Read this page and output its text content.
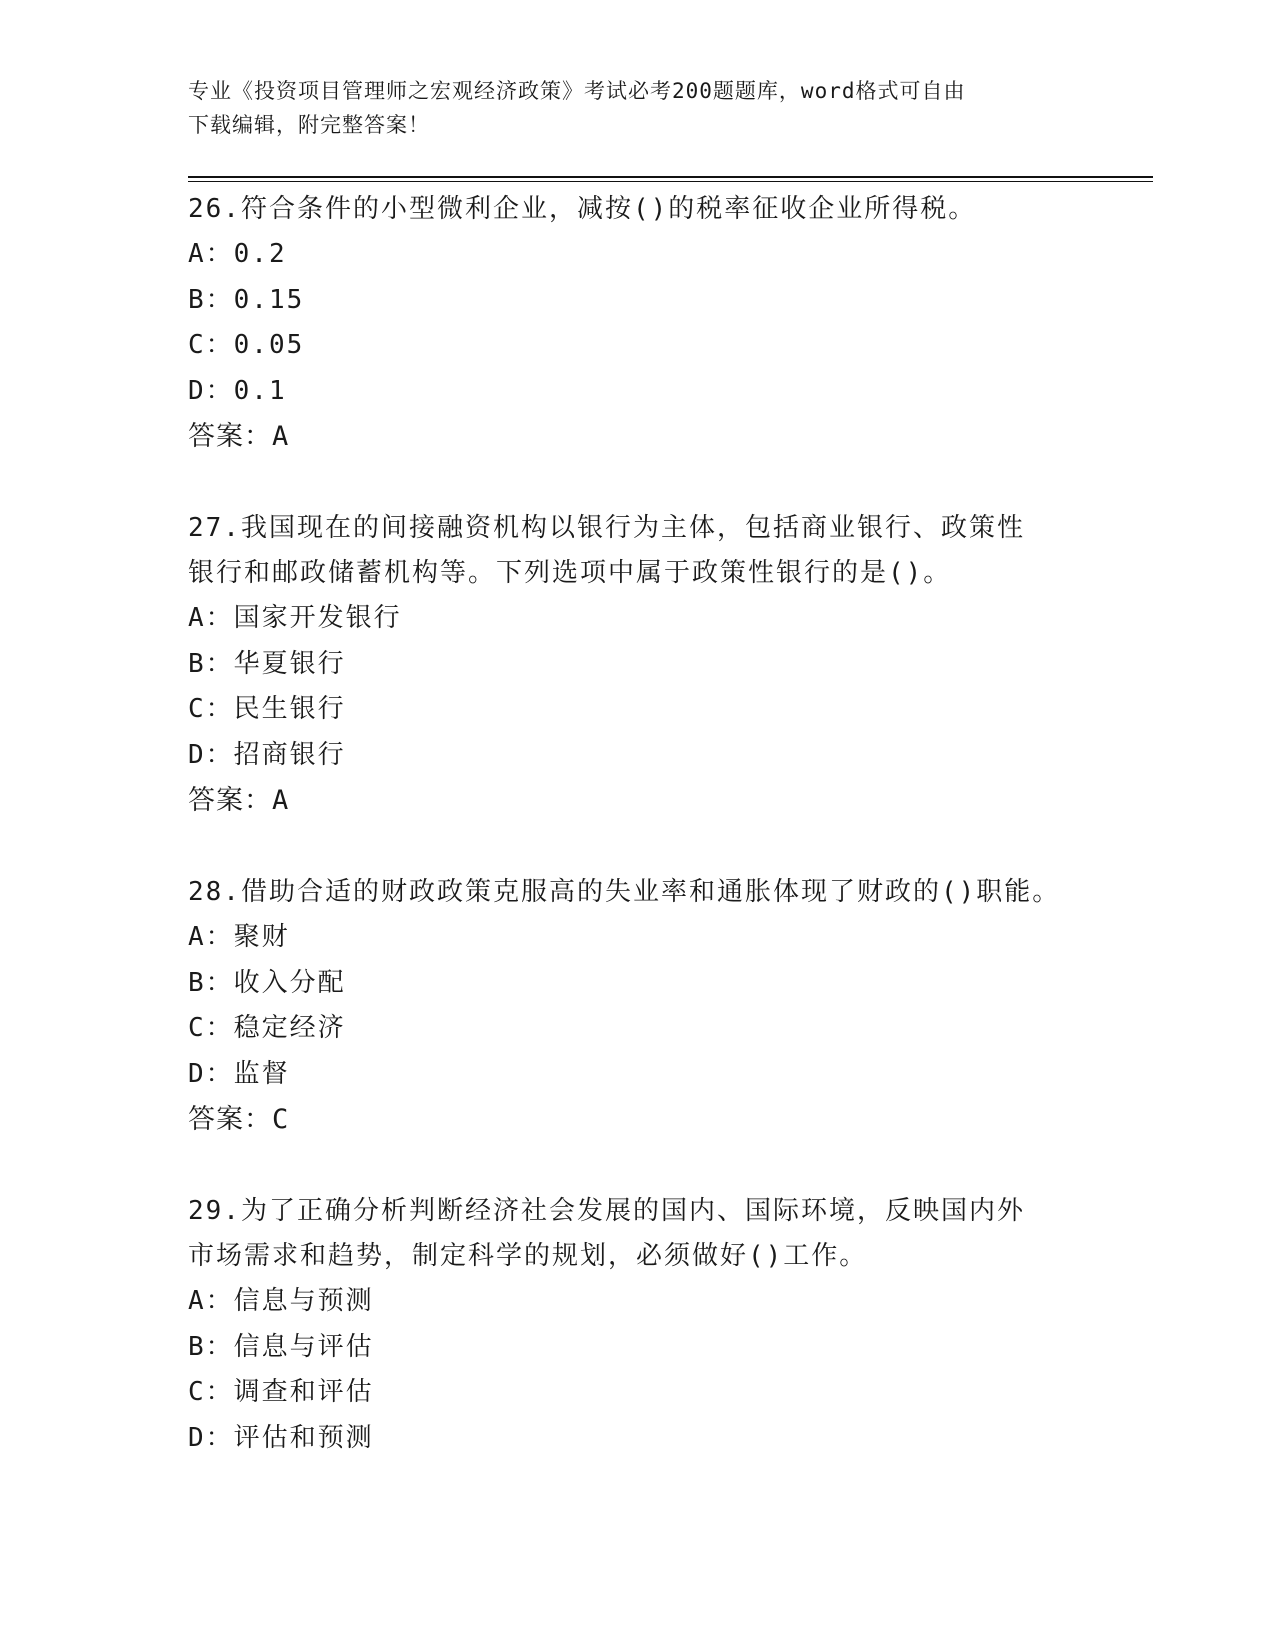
专业《投资项目管理师之宏观经济政策》考试必考200题题库，word格式可自由
下载编辑，附完整答案！

26.符合条件的小型微利企业，减按()的税率征收企业所得税。

A：0.2

B：0.15

C：0.05

D：0.1

答案：A

27.我国现在的间接融资机构以银行为主体，包括商业银行、政策性银行和邮政储蓄机构等。下列选项中属于政策性银行的是()。

A：国家开发银行

B：华夏银行

C：民生银行

D：招商银行

答案：A

28.借助合适的财政政策克服高的失业率和通胀体现了财政的()职能。

A：聚财

B：收入分配

C：稳定经济

D：监督

答案：C

29.为了正确分析判断经济社会发展的国内、国际环境，反映国内外市场需求和趋势，制定科学的规划，必须做好()工作。

A：信息与预测

B：信息与评估

C：调查和评估

D：评估和预测
